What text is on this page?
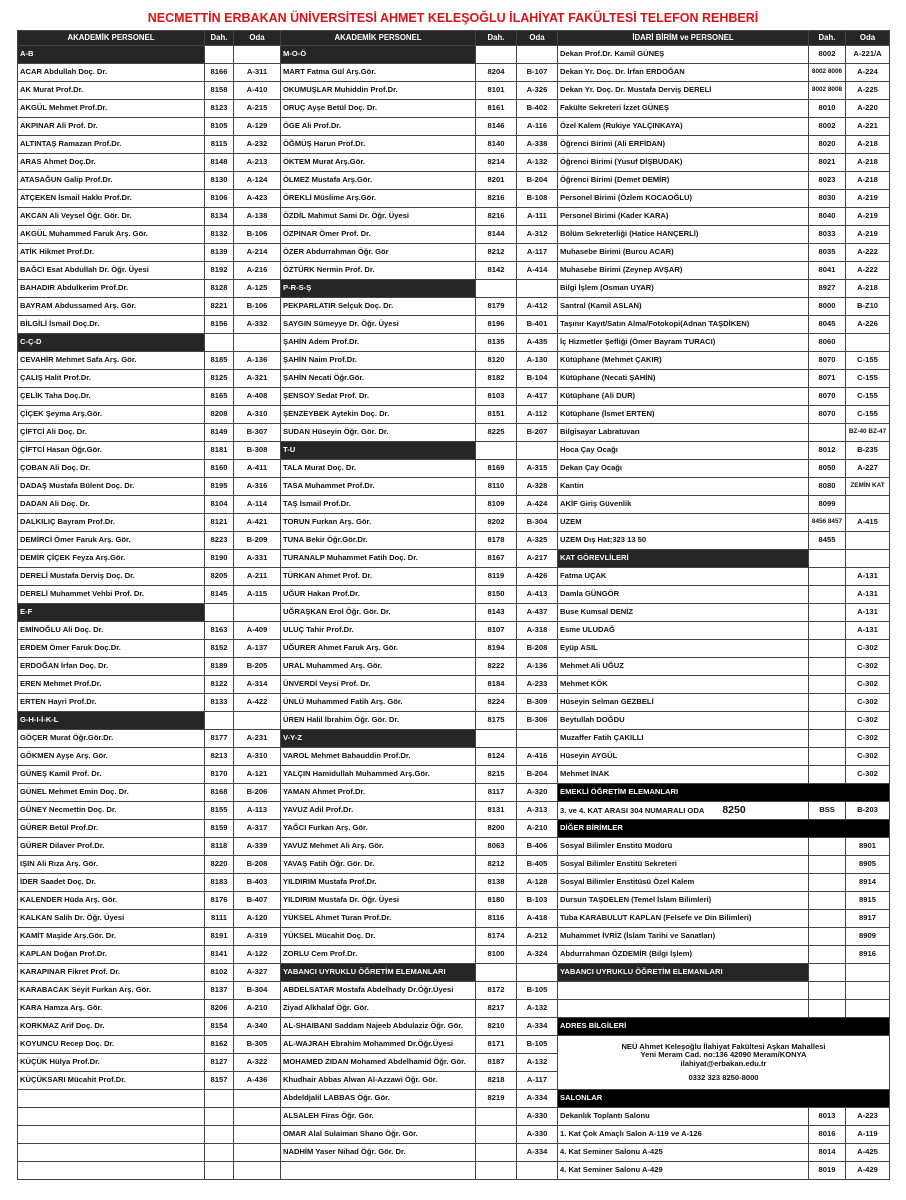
NECMETTİN ERBAKAN ÜNİVERSİTESİ AHMET KELEŞOĞLU İLAHİYAT FAKÜLTESİ TELEFON REHBERİ
AKADEMİK PERSONEL	Dah.	Oda	AKADEMİK PERSONEL	Dah.	Oda	İDARİ BİRİM ve PERSONEL	Dah.	Oda	
A-B			M-O-Ö			Dekan Prof.Dr. Kamil GÜNEŞ	8002	A-221/A	
ACAR Abdullah Doç. Dr.	8166	A-311	MART Fatma Gül Arş.Gör.	8204	B-107	Dekan Yr. Doç. Dr. İrfan ERDOĞAN	8002 8006	A-224	
AK Murat Prof.Dr.	8158	A-410	OKUMUŞLAR Muhiddin Prof.Dr.	8101	A-326	Dekan Yr. Doç. Dr. Mustafa Derviş DERELİ	8002 8008	A-225	
AKGÜL Mehmet Prof.Dr.	8123	A-215	ORUÇ Ayşe Betül Doç. Dr.	8161	B-402	Fakülte Sekreteri İzzet GÜNEŞ	8010	A-220	
AKPINAR Ali Prof. Dr.	8105	A-129	ÖGE Ali Prof.Dr.	8146	A-116	Özel Kalem (Rukiye YALÇINKAYA)	8002	A-221	
ALTINTAŞ Ramazan Prof.Dr.	8115	A-232	ÖĞMÜŞ Harun Prof.Dr.	8140	A-338	Öğrenci Birimi (Ali ERFİDAN)	8020	A-218	
ARAS Ahmet Doç.Dr.	8148	A-213	ÖKTEM Murat Arş.Gör.	8214	A-132	Öğrenci Birimi (Yusuf DİŞBUDAK)	8021	A-218	
ATASAĞUN Galip Prof.Dr.	8130	A-124	ÖLMEZ Mustafa Arş.Gör.	8201	B-204	Öğrenci Birimi (Demet DEMİR)	8023	A-218	
ATÇEKEN İsmail Hakkı Prof.Dr.	8106	A-423	ÖREKLİ Müslime Arş.Gör.	8216	B-108	Personel Birimi (Özlem KOCAOĞLU)	8030	A-219	
AKCAN Ali Veysel Öğr. Gör. Dr.	8134	A-138	ÖZDİL Mahmut Sami Dr. Öğr. Üyesi	8216	A-111	Personel Birimi (Kader KARA)	8040	A-219	
AKGÜL Muhammed Faruk Arş. Gör.	8132	B-106	ÖZPINAR Ömer Prof. Dr.	8144	A-312	Bölüm Sekreterliği (Hatice HANÇERLİ)	8033	A-219	
ATİK Hikmet Prof.Dr.	8139	A-214	ÖZER Abdurrahman Öğr. Gör	8212	A-117	Muhasebe Birimi (Burcu ACAR)	8035	A-222	
BAĞCI Esat Abdullah Dr. Öğr. Üyesi	8192	A-216	ÖZTÜRK Nermin Prof. Dr.	8142	A-414	Muhasebe Birimi (Zeynep AVŞAR)	8041	A-222	
BAHADIR Abdulkerim Prof.Dr.	8128	A-125	P-R-S-Ş			Bilgi İşlem (Osman UYAR)	8927	A-218	
BAYRAM Abdussamed Arş. Gör.	8221	B-106	PEKPARLATIR Selçuk Doç. Dr.	8179	A-412	Santral (Kamil ASLAN)	8000	B-Z10	
BİLGİLİ İsmail Doç.Dr.	8156	A-332	SAYGIN Sümeyye Dr. Öğr. Üyesi	8196	B-401	Taşınır Kayıt/Satın Alma/Fotokopi(Adnan TAŞDİKEN)	8045	A-226	
C-Ç-D			ŞAHİN Adem Prof.Dr.	8135	A-435	İç Hizmetler Şefliği (Ömer Bayram TURACI)	8060		
CEVAHİR Mehmet Safa Arş. Gör.	8185	A-136	ŞAHİN Naim Prof.Dr.	8120	A-130	Kütüphane (Mehmet ÇAKIR)	8070	C-155	
ÇALIŞ Halit Prof.Dr.	8125	A-321	ŞAHİN Necati Öğr.Gör.	8182	B-104	Kütüphane (Necati ŞAHİN)	8071	C-155	
ÇELİK Taha Doç.Dr.	8165	A-408	ŞENSOY Sedat Prof. Dr.	8103	A-417	Kütüphane (Ali DUR)	8070	C-155	
ÇİÇEK Şeyma Arş.Gör.	8208	A-310	ŞENZEYBEK Aytekin Doç. Dr.	8151	A-112	Kütüphane (İsmet ERTEN)	8070	C-155	
ÇİFTCİ Ali Doç. Dr.	8149	B-307	SUDAN Hüseyin Öğr. Gör. Dr.	8225	B-207	Bilgisayar Labratuvarı		BZ-40 BZ-47	
ÇİFTCİ Hasan Öğr.Gör.	8181	B-308	T-U			Hoca Çay Ocağı	8012	B-235	
ÇOBAN Ali Doç. Dr.	8160	A-411	TALA Murat Doç. Dr.	8169	A-315	Dekan Çay Ocağı	8050	A-227	
DADAŞ Mustafa Bülent Doç. Dr.	8195	A-316	TASA Muhammet Prof.Dr.	8110	A-328	Kantin	8080	ZEMİN KAT	
DADAN Ali Doç. Dr.	8104	A-114	TAŞ İsmail Prof.Dr.	8109	A-424	AKİF Giriş Güvenlik	8099		
DALKILIÇ Bayram Prof.Dr.	8121	A-421	TORUN Furkan Arş. Gör.	8202	B-304	UZEM	8456 8457	A-415	
DEMİRCİ Ömer Faruk Arş. Gör.	8223	B-209	TUNA Bekir Öğr.Gör.Dr.	8178	A-325	UZEM Dış Hat;323 13 50	8455		
DEMİR ÇİÇEK Feyza Arş.Gör.	8190	A-331	TURANALP Muhammet Fatih Doç. Dr.	8167	A-217	KAT GÖREVLİLERİ			
DERELİ Mustafa Derviş Doç. Dr.	8205	A-211	TÜRKAN Ahmet Prof. Dr.	8119	A-426	Fatma UÇAK		A-131	
DERELİ Muhammet Vehbi Prof. Dr.	8145	A-115	UĞUR Hakan Prof.Dr.	8150	A-413	Damla GÜNGÖR		A-131	
E-F			UĞRAŞKAN Erol Öğr. Gör. Dr.	8143	A-437	Buse Kumsal DENİZ		A-131	
EMİNOĞLU Ali Doç. Dr.	8163	A-409	ULUÇ Tahir Prof.Dr.	8107	A-318	Esme ULUDAĞ		A-131	
ERDEM Ömer Faruk Doç.Dr.	8152	A-137	UĞURER Ahmet Faruk Arş. Gör.	8194	B-208	Eyüp ASIL		C-302	
ERDOĞAN İrfan Doç. Dr.	8189	B-205	URAL Muhammed Arş. Gör.	8222	A-136	Mehmet Ali UĞUZ		C-302	
EREN Mehmet Prof.Dr.	8122	A-314	ÜNVERDİ Veysi Prof. Dr.	8184	A-233	Mehmet KÖK		C-302	
ERTEN Hayri Prof.Dr.	8133	A-422	ÜNLÜ Muhammed Fatih Arş. Gör.	8224	B-309	Hüseyin Selman GEZBELİ		C-302	
G-H-I-İ-K-L			ÜREN Halil İbrahim Öğr. Gör. Dr.	8175	B-306	Beytullah DOĞDU		C-302	
GÖÇER Murat Öğr.Gör.Dr.	8177	A-231	V-Y-Z			Muzaffer Fatih ÇAKILLI		C-302	
GÖKMEN Ayşe Arş. Gör.	8213	A-310	VAROL Mehmet Bahauddin Prof.Dr.	8124	A-416	Hüseyin AYGÜL		C-302	
GÜNEŞ Kamil Prof. Dr.	8170	A-121	YALÇIN Hamidullah Muhammed Arş.Gör.	8215	B-204	Mehmet İNAK		C-302	
GÜNEL Mehmet Emin Doç. Dr.	8168	B-206	YAMAN Ahmet Prof.Dr.	8117	A-320	EMEKLİ ÖĞRETİM ELEMANLARI			
GÜNEY Necmettin Doç. Dr.	8155	A-113	YAVUZ Adil Prof.Dr.	8131	A-313	3. ve 4. KAT ARASI 304 NUMARALI ODA 8250	BSS	B-203	
GÜRER Betül Prof.Dr.	8159	A-317	YAĞCI Furkan Arş. Gör.	8200	A-210	DİĞER BİRİMLER			
GÜRER Dilaver Prof.Dr.	8118	A-339	YAVUZ Mehmet Ali Arş. Gör.	8063	B-406	Sosyal Bilimler Enstitü Müdürü		8901	
IŞIN Ali Rıza Arş. Gör.	8220	B-208	YAVAŞ Fatih Öğr. Gör. Dr.	8212	B-405	Sosyal Bilimler Enstitü Sekreteri		8905	
İDER Saadet Doç. Dr.	8183	B-403	YILDIRIM Mustafa Prof.Dr.	8138	A-128	Sosyal Bilimler Enstitüsü Özel Kalem		8914	
KALENDER Hüda Arş. Gör.	8176	B-407	YILDIRIM Mustafa Dr. Öğr. Üyesi	8180	B-103	Dursun TAŞDELEN (Temel İslam Bilimleri)		8915	
KALKAN Salih Dr. Öğr. Üyesi	8111	A-120	YÜKSEL Ahmet Turan Prof.Dr.	8116	A-418	Tuba KARABULUT KAPLAN (Felsefe ve Din Bilimleri)		8917	
KAMİT Maşide Arş.Gör. Dr.	8191	A-319	YÜKSEL Mücahit Doç. Dr.	8174	A-212	Muhammet İVRİZ (İslam Tarihi ve Sanatları)		8909	
KAPLAN Doğan Prof.Dr.	8141	A-122	ZORLU Cem Prof.Dr.	8100	A-324	Abdurrahman ÖZDEMİR (Bilgi İşlem)		8916	
KARAPINAR Fikret Prof. Dr.	8102	A-327	YABANCI UYRUKLU ÖĞRETİM ELEMANLARI			YABANCI UYRUKLU ÖĞRETİM ELEMANLARI			
KARABACAK Seyit Furkan Arş. Gör.	8137	B-304	ABDELSATAR Mostafa Abdelhady Dr.Öğr.Üyesi	8172	B-105				
KARA Hamza Arş. Gör.	8206	A-210	Ziyad Alkhalaf Öğr. Gör.	8217	A-132				
KORKMAZ Arif Doç. Dr.	8154	A-340	AL-SHAIBANI Saddam Najeeb Abdulaziz Öğr. Gör.	8210	A-334	ADRES BİLGİLERİ			
KOYUNCU Recep Doç. Dr.	8162	B-305	AL-WAJRAH Ebrahim Mohammed Dr.Öğr.Üyesi	8171	B-105	NEÜ Ahmet Keleşoğlu İlahiyat Fakültesi Aşkan Mahallesi
Yeni Meram Cad. no:136 42090 Meram/KONYA
ilahiyat@erbakan.edu.tr
0332 323 8250-8000			

KÜÇÜK Hülya Prof.Dr.	8127	A-322	MOHAMED ZIDAN Mohamed Abdelhamid Öğr. Gör.	8187	A-132				
KÜÇÜKSARI Mücahit Prof.Dr.	8157	A-436	Khudhair Abbas Alwan Al-Azzawi Öğr. Gör.	8218	A-117				
			Abdeldjalil LABBAS Öğr. Gör.	8219	A-334	SALONLAR			
			ALSALEH Firas Öğr. Gör.		A-330	Dekanlık Toplantı Salonu	8013	A-223	
			OMAR Alal Sulaiman Shano Öğr. Gör.		A-330	1. Kat Çok Amaçlı Salon A-119 ve A-126	8016	A-119	
			NADHİM Yaser Nihad Öğr. Gör. Dr.		A-334	4. Kat Seminer Salonu A-425	8014	A-425	
						4. Kat Seminer Salonu A-429	8019	A-429	
